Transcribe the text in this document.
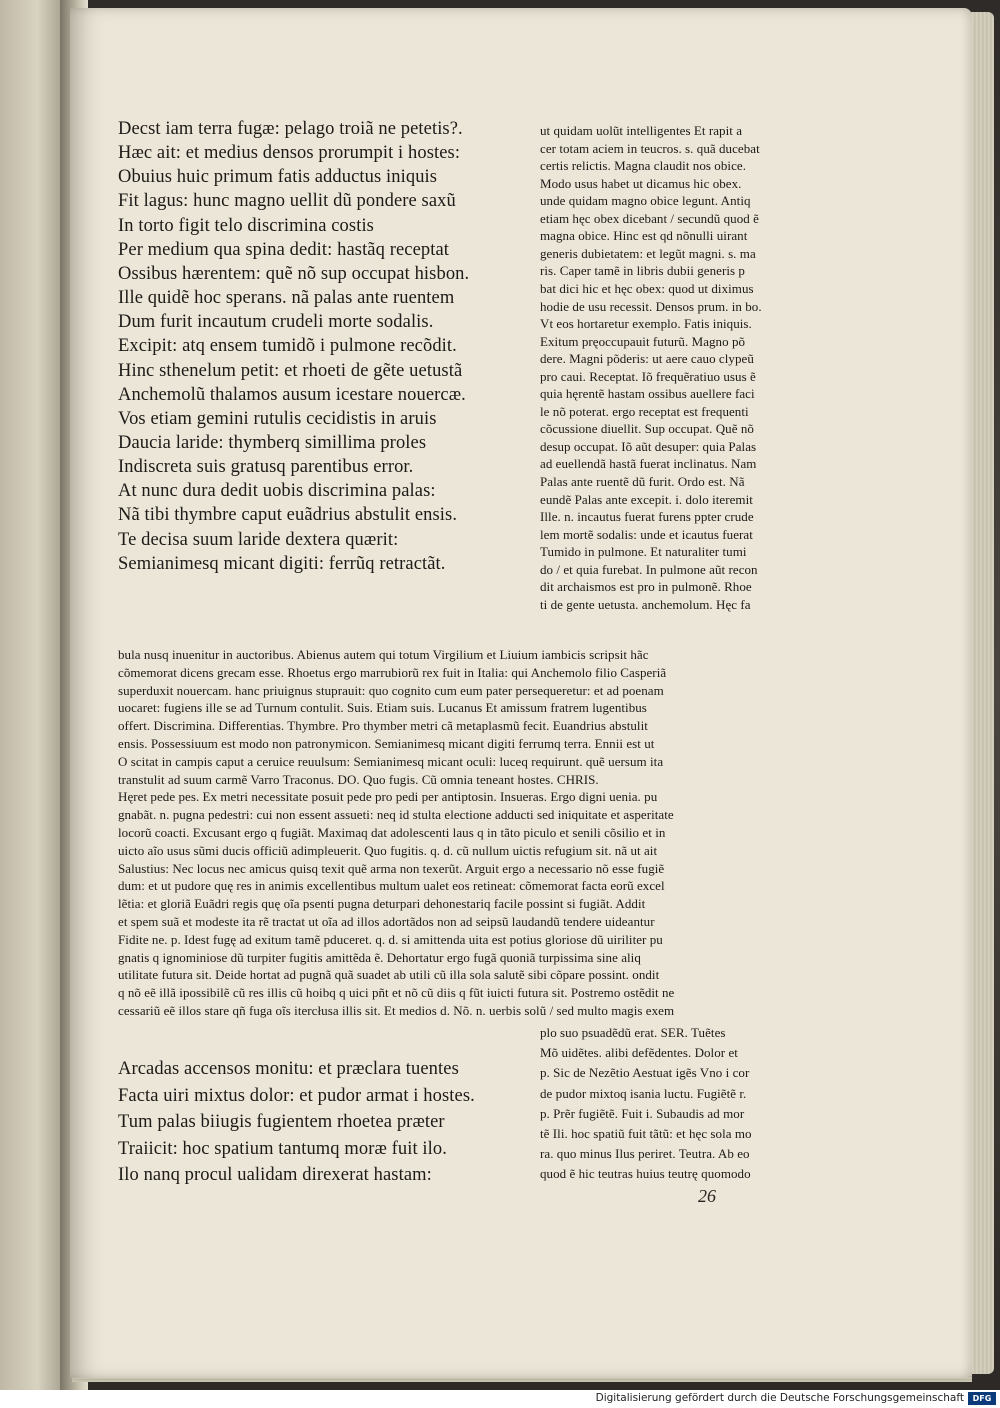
Decst iam terra fugæ: pelago troiã ne petetis?.
Hæc ait: et medius densos prorumpit i hostes:
Obuius huic primum fatis adductus iniquis
Fit lagus: hunc magno uellit dũ pondere saxũ
In torto figit telo discrimina costis
Per medium qua spina dedit: hastãq receptat
Ossibus hærentem: quẽ nõ sup occupat hisbon.
Ille quidẽ hoc sperans. nã palas ante ruentem
Dum furit incautum crudeli morte sodalis.
Excipit: atq ensem tumidõ i pulmone recõdit.
Hinc sthenelum petit: et rhoeti de gẽte uetustã
Anchemolũ thalamos ausum icestare nouercæ.
Vos etiam gemini rutulis cecidistis in aruis
Daucia laride: thymberq simillima proles
Indiscreta suis gratusq parentibus error.
At nunc dura dedit uobis discrimina palas:
Nã tibi thymbre caput euãdrius abstulit ensis.
Te decisa suum laride dextera quærit:
Semianimesq micant digiti: ferrũq retractãt.
ut quidam uolũt intelligentes Et rapit a
cer totam aciem in teucros. s. quã ducebat
certis relictis. Magna claudit nos obice.
Modo usus habet ut dicamus hic obex.
unde quidam magno obice legunt. Antiq
etiam hęc obex dicebant / secundũ quod ẽ
magna obice. Hinc est qd nõnulli uirant
generis dubietatem: et legũt magni. s. ma
ris. Caper tamẽ in libris dubii generis p
bat dici hic et hęc obex: quod ut diximus
hodie de usu recessit. Densos prum. in bo.
Vt eos hortaretur exemplo. Fatis iniquis.
Exitum pręoccupauit futurũ. Magno põ
dere. Magni põderis: ut aere cauo clypeũ
pro caui. Receptat. Iõ frequẽratiuo usus ẽ
quia hęrentẽ hastam ossibus auellere faci
le nõ poterat. ergo receptat est frequenti
cõcussione diuellit. Sup occupat. Quẽ nõ
desup occupat. Iõ aũt desuper: quia Palas
ad euellendã hastã fuerat inclinatus. Nam
Palas ante ruentẽ dũ furit. Ordo est. Nã
eundẽ Palas ante excepit. i. dolo iteremit
Ille. n. incautus fuerat furens ppter crude
lem mortẽ sodalis: unde et icautus fuerat
Tumido in pulmone. Et naturaliter tumi
do / et quia furebat. In pulmone aũt recon
dit archaismos est pro in pulmonẽ. Rhoe
ti de gente uetusta. anchemolum. Hęc fa
bula nusq inuenitur in auctoribus. Abienus autem qui totum Virgilium et Liuium iambicis scripsit hãc
cõmemorat dicens grecam esse. Rhoetus ergo marrubiorũ rex fuit in Italia: qui Anchemolo filio Casperiã
superduxit nouercam. hanc priuignus stuprauit: quo cognito cum eum pater persequeretur: et ad poenam
uocaret: fugiens ille se ad Turnum contulit. Suis. Etiam suis. Lucanus Et amissum fratrem lugentibus
offert. Discrimina. Differentias. Thymbre. Pro thymber metri cã metaplasmũ fecit. Euandrius abstulit
ensis. Possessiuum est modo non patronymicon. Semianimesq micant digiti ferrumq terra. Ennii est ut
O scitat in campis caput a ceruice reuulsum: Semianimesq micant oculi: luceq requirunt. quẽ uersum ita
transtulit ad suum carmẽ Varro Traconus. DO. Quo fugis. Cũ omnia teneant hostes. CHRIS.
Hęret pede pes. Ex metri necessitate posuit pede pro pedi per antiptosin. Insueras. Ergo digni uenia. pu
gnabãt. n. pugna pedestri: cui non essent assueti: neq id stulta electione adducti sed iniquitate et asperitate
locorũ coacti. Excusant ergo q fugiãt. Maximaq dat adolescenti laus q in tãto piculo et senili cõsilio et in
uicto aĩo usus sũmi ducis officiũ adimpleuerit. Quo fugitis. q. d. cũ nullum uictis refugium sit. nã ut ait
Salustius: Nec locus nec amicus quisq texit quẽ arma non texerũt. Arguit ergo a necessario nõ esse fugiẽ
dum: et ut pudore quę res in animis excellentibus multum ualet eos retineat: cõmemorat facta eorũ excel
lẽtia: et gloriã Euãdri regis quę oĩa psenti pugna deturpari dehonestariq facile possint si fugiãt. Addit
et spem suã et modeste ita rẽ tractat ut oĩa ad illos adortãdos non ad seipsũ laudandũ tendere uideantur
Fidite ne. p. Idest fugę ad exitum tamẽ pduceret. q. d. si amittenda uita est potius gloriose dũ uiriliter pu
gnatis q ignominiose dũ turpiter fugitis amittẽda ẽ. Dehortatur ergo fugã quoniã turpissima sine aliq
utilitate futura sit. Deide hortat ad pugnã quã suadet ab utili cũ illa sola salutẽ sibi cõpare possint. ondit
q nõ eẽ illã ipossibilẽ cũ res illis cũ hoibq q uici pñt et nõ cũ diis q fũt iuicti futura sit. Postremo ostẽdit ne
cessariũ eẽ illos stare qñ fuga oĩs itercłusa illis sit. Et medios d. Nõ. n. uerbis solũ / sed multo magis exem
plo suo psuadẽdũ erat. SER. Tuẽtes
Mõ uidẽtes. alibi defẽdentes. Dolor et
p. Sic de Nezẽtio Aestuat igẽs Vno i cor
de pudor mixtoq isania luctu. Fugiẽtẽ r.
p. Prẽr fugiẽtẽ. Fuit i. Subaudis ad mor
tẽ Ili. hoc spatiũ fuit tãtũ: et hęc sola mo
ra. quo minus Ilus periret. Teutra. Ab eo
quod ẽ hic teutras huius teutrę quomodo
Arcadas accensos monitu: et præclara tuentes
Facta uiri mixtus dolor: et pudor armat i hostes.
Tum palas biiugis fugientem rhoetea præter
Traiicit: hoc spatium tantumq moræ fuit ilo.
Ilo nanq procul ualidam direxerat hastam:
26
Digitalisierung gefördert durch die Deutsche Forschungsgemeinschaft	DFG
